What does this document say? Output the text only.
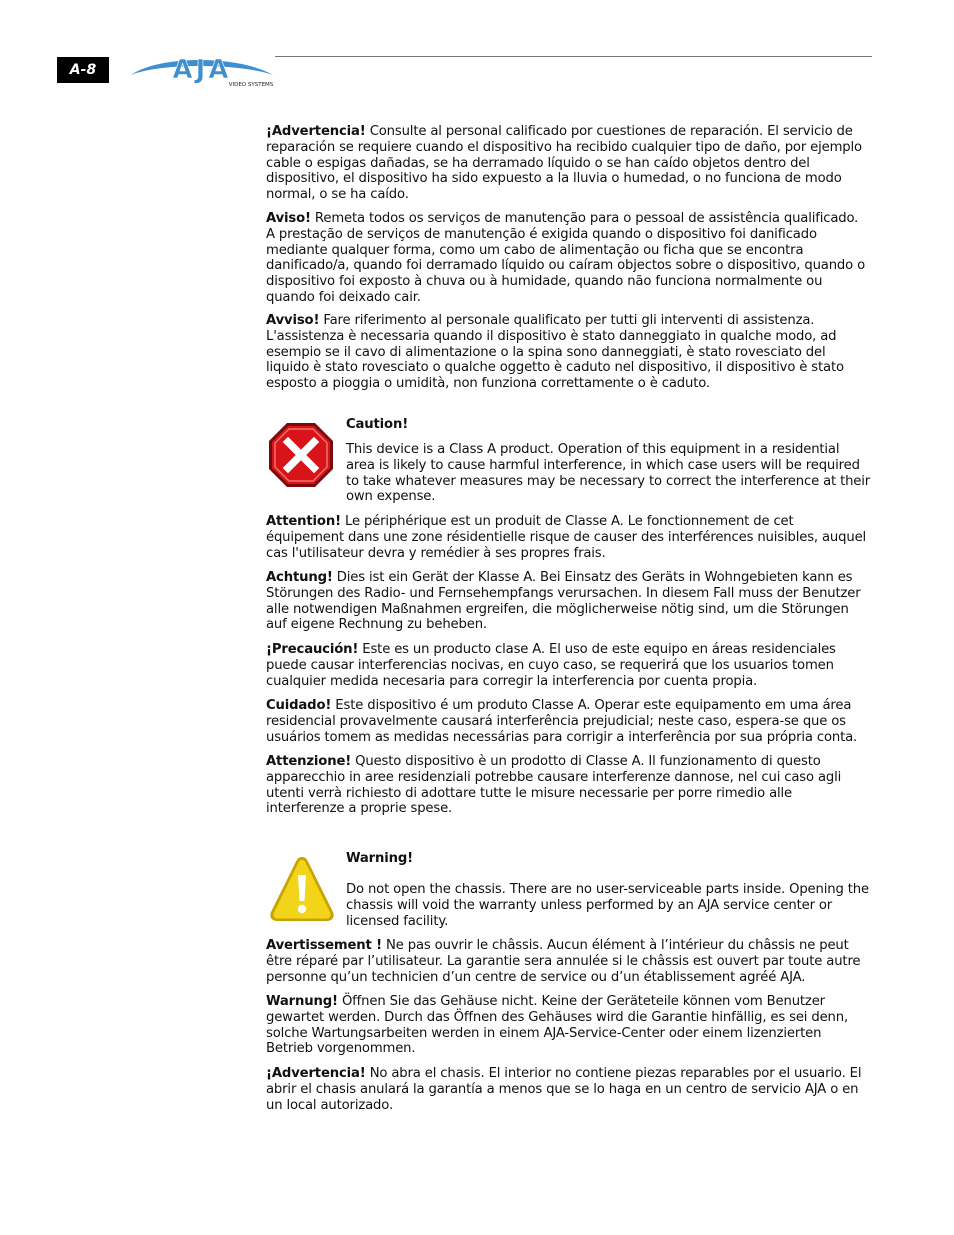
A-8	AJA
VIDEO SYSTEMS

¡Advertencia! Consulte al personal calificado por cuestiones de reparación. El servicio de reparación se requiere cuando el dispositivo ha recibido cualquier tipo de daño, por ejemplo cable o espigas dañadas, se ha derramado líquido o se han caído objetos dentro del dispositivo, el dispositivo ha sido expuesto a la lluvia o humedad, o no funciona de modo normal, o se ha caído.

Aviso! Remeta todos os serviços de manutenção para o pessoal de assistência qualificado. A prestação de serviços de manutenção é exigida quando o dispositivo foi danificado mediante qualquer forma, como um cabo de alimentação ou ficha que se encontra danificado/a, quando foi derramado líquido ou caíram objectos sobre o dispositivo, quando o dispositivo foi exposto à chuva ou à humidade, quando não funciona normalmente ou quando foi deixado cair.

Avviso! Fare riferimento al personale qualificato per tutti gli interventi di assistenza. L'assistenza è necessaria quando il dispositivo è stato danneggiato in qualche modo, ad esempio se il cavo di alimentazione o la spina sono danneggiati, è stato rovesciato del liquido è stato rovesciato o qualche oggetto è caduto nel dispositivo, il dispositivo è stato esposto a pioggia o umidità, non funziona correttamente o è caduto.

Caution!

This device is a Class A product. Operation of this equipment in a residential area is likely to cause harmful interference, in which case users will be required to take whatever measures may be necessary to correct the interference at their own expense.

Attention! Le périphérique est un produit de Classe A. Le fonctionnement de cet équipement dans une zone résidentielle risque de causer des interférences nuisibles, auquel cas l'utilisateur devra y remédier à ses propres frais.

Achtung! Dies ist ein Gerät der Klasse A. Bei Einsatz des Geräts in Wohngebieten kann es Störungen des Radio- und Fernsehempfangs verursachen. In diesem Fall muss der Benutzer alle notwendigen Maßnahmen ergreifen, die möglicherweise nötig sind, um die Störungen auf eigene Rechnung zu beheben.

¡Precaución! Este es un producto clase A. El uso de este equipo en áreas residenciales puede causar interferencias nocivas, en cuyo caso, se requerirá que los usuarios tomen cualquier medida necesaria para corregir la interferencia por cuenta propia.

Cuidado! Este dispositivo é um produto Classe A. Operar este equipamento em uma área residencial provavelmente causará interferência prejudicial; neste caso, espera-se que os usuários tomem as medidas necessárias para corrigir a interferência por sua própria conta.

Attenzione! Questo dispositivo è un prodotto di Classe A. Il funzionamento di questo apparecchio in aree residenziali potrebbe causare interferenze dannose, nel cui caso agli utenti verrà richiesto di adottare tutte le misure necessarie per porre rimedio alle interferenze a proprie spese.

Warning!

Do not open the chassis. There are no user-serviceable parts inside. Opening the chassis will void the warranty unless performed by an AJA service center or licensed facility.

Avertissement ! Ne pas ouvrir le châssis. Aucun élément à l’intérieur du châssis ne peut être réparé par l’utilisateur. La garantie sera annulée si le châssis est ouvert par toute autre personne qu’un technicien d’un centre de service ou d’un établissement agréé AJA.

Warnung! Öffnen Sie das Gehäuse nicht. Keine der Geräteteile können vom Benutzer gewartet werden. Durch das Öffnen des Gehäuses wird die Garantie hinfällig, es sei denn, solche Wartungsarbeiten werden in einem AJA-Service-Center oder einem lizenzierten Betrieb vorgenommen.

¡Advertencia! No abra el chasis. El interior no contiene piezas reparables por el usuario. El abrir el chasis anulará la garantía a menos que se lo haga en un centro de servicio AJA o en un local autorizado.
